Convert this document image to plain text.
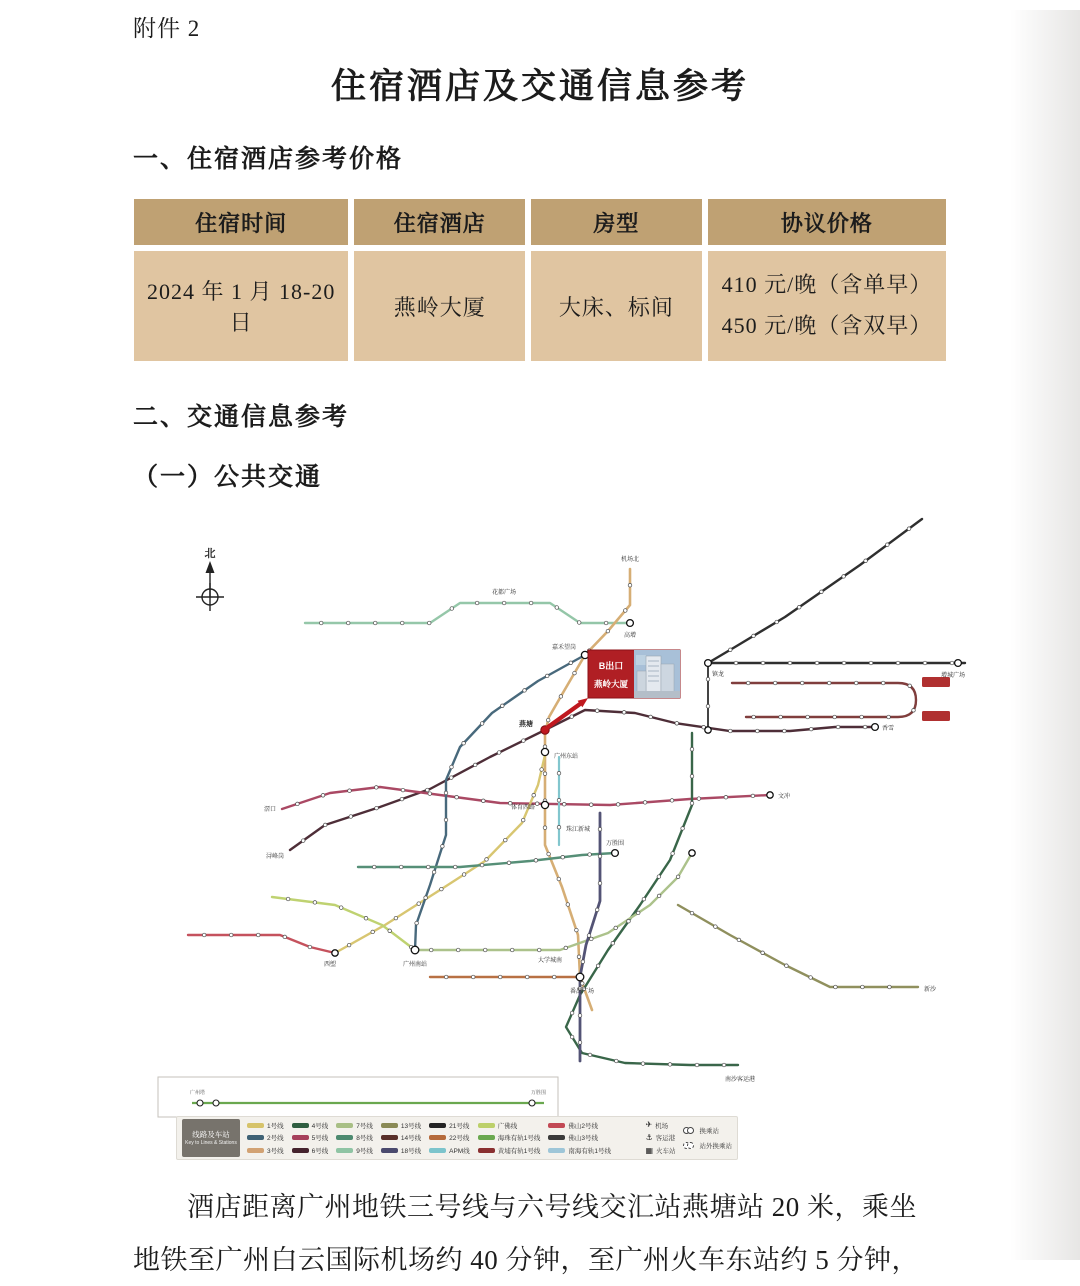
附件 2
住宿酒店及交通信息参考
一、住宿酒店参考价格
住宿时间	住宿酒店	房型	协议价格
2024 年 1 月 18-20 日	燕岭大厦	大床、标间	410 元/晚（含单早）
450 元/晚（含双早）
二、交通信息参考
（一）公共交通
北	机场北
花都广场
高增
嘉禾望岗
燕塘
广州东站
体育西路
珠江新城
万胜围
广州南站
番禺广场
滘口
浔峰岗
西塱
文冲
香雪
增城广场
镇龙
新沙
南沙客运港
大学城南
B出口
燕岭大厦
广州塔	万胜围
线路及车站
Key to Lines & Stations
1号线
2号线
3号线
4号线
5号线
6号线
7号线
8号线
9号线
13号线
14号线
18号线
21号线
22号线
APM线
广佛线
海珠有轨1号线
黄埔有轨1号线
佛山2号线
佛山3号线
南海有轨1号线
✈ 机场
⚓ 客运港
▦ 火车站
换乘站
站外换乘站

酒店距离广州地铁三号线与六号线交汇站燕塘站 20 米，乘坐
地铁至广州白云国际机场约 40 分钟，至广州火车东站约 5 分钟，
